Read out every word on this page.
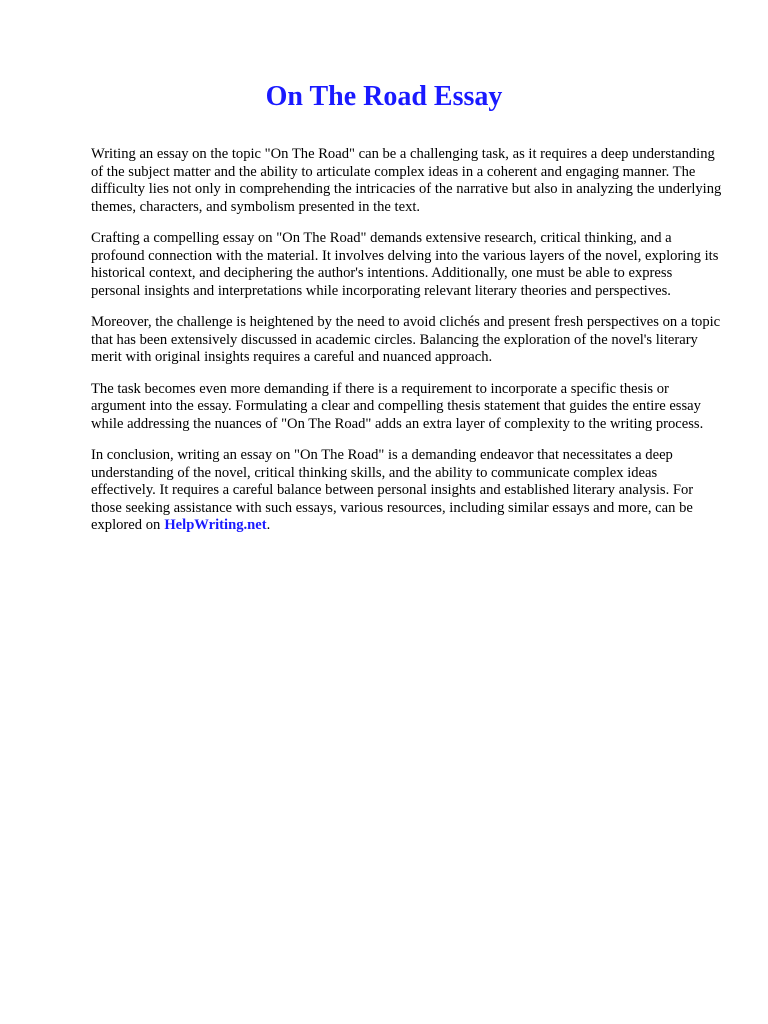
On The Road Essay

Writing an essay on the topic "On The Road" can be a challenging task, as it requires a deep understanding of the subject matter and the ability to articulate complex ideas in a coherent and engaging manner. The difficulty lies not only in comprehending the intricacies of the narrative but also in analyzing the underlying themes, characters, and symbolism presented in the text.

Crafting a compelling essay on "On The Road" demands extensive research, critical thinking, and a profound connection with the material. It involves delving into the various layers of the novel, exploring its historical context, and deciphering the author's intentions. Additionally, one must be able to express personal insights and interpretations while incorporating relevant literary theories and perspectives.

Moreover, the challenge is heightened by the need to avoid clichés and present fresh perspectives on a topic that has been extensively discussed in academic circles. Balancing the exploration of the novel's literary merit with original insights requires a careful and nuanced approach.

The task becomes even more demanding if there is a requirement to incorporate a specific thesis or argument into the essay. Formulating a clear and compelling thesis statement that guides the entire essay while addressing the nuances of "On The Road" adds an extra layer of complexity to the writing process.

In conclusion, writing an essay on "On The Road" is a demanding endeavor that necessitates a deep understanding of the novel, critical thinking skills, and the ability to communicate complex ideas effectively. It requires a careful balance between personal insights and established literary analysis. For those seeking assistance with such essays, various resources, including similar essays and more, can be explored on HelpWriting.net.
